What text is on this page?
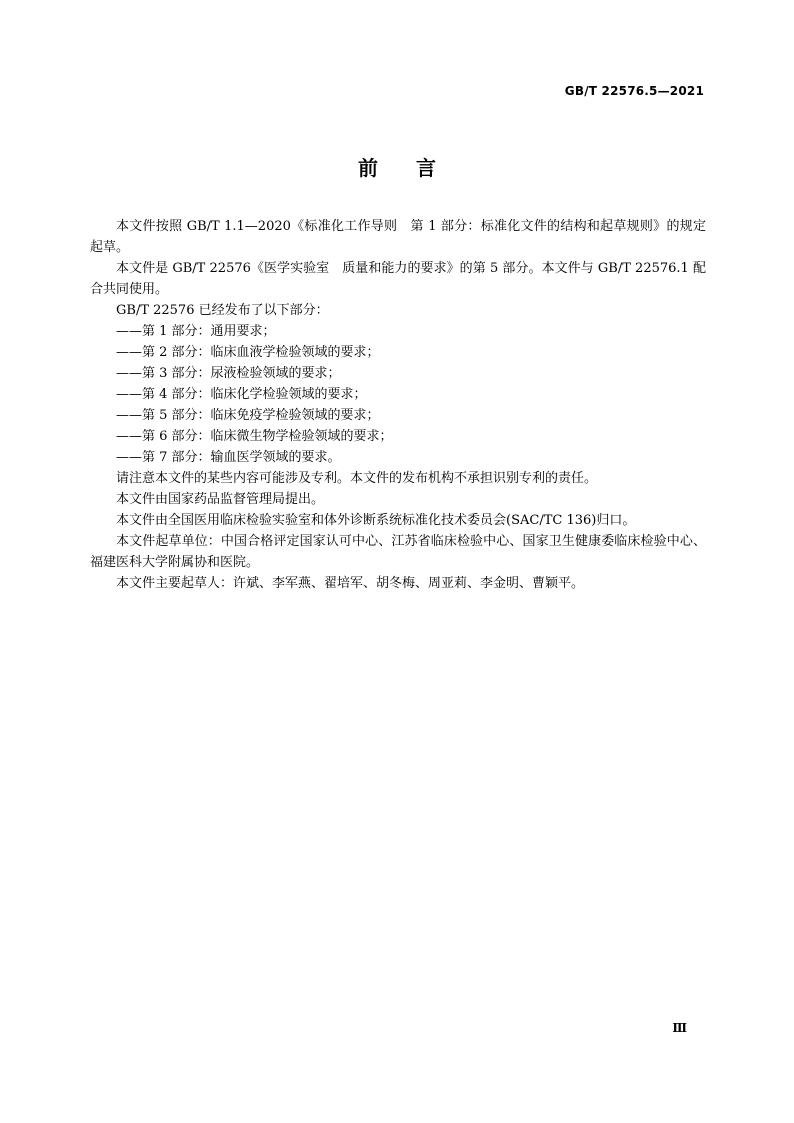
GB/T 22576.5—2021
前言

本文件按照 GB/T 1.1—2020《标准化工作导则　第 1 部分：标准化文件的结构和起草规则》的规定起草。

本文件是 GB/T 22576《医学实验室　质量和能力的要求》的第 5 部分。本文件与 GB/T 22576.1 配合共同使用。

GB/T 22576 已经发布了以下部分：

——第 1 部分：通用要求；

——第 2 部分：临床血液学检验领域的要求；

——第 3 部分：尿液检验领域的要求；

——第 4 部分：临床化学检验领域的要求；

——第 5 部分：临床免疫学检验领域的要求；

——第 6 部分：临床微生物学检验领域的要求；

——第 7 部分：输血医学领域的要求。

请注意本文件的某些内容可能涉及专利。本文件的发布机构不承担识别专利的责任。

本文件由国家药品监督管理局提出。

本文件由全国医用临床检验实验室和体外诊断系统标准化技术委员会(SAC/TC 136)归口。

本文件起草单位：中国合格评定国家认可中心、江苏省临床检验中心、国家卫生健康委临床检验中心、福建医科大学附属协和医院。

本文件主要起草人：许斌、李军燕、翟培军、胡冬梅、周亚莉、李金明、曹颖平。

Ⅲ
